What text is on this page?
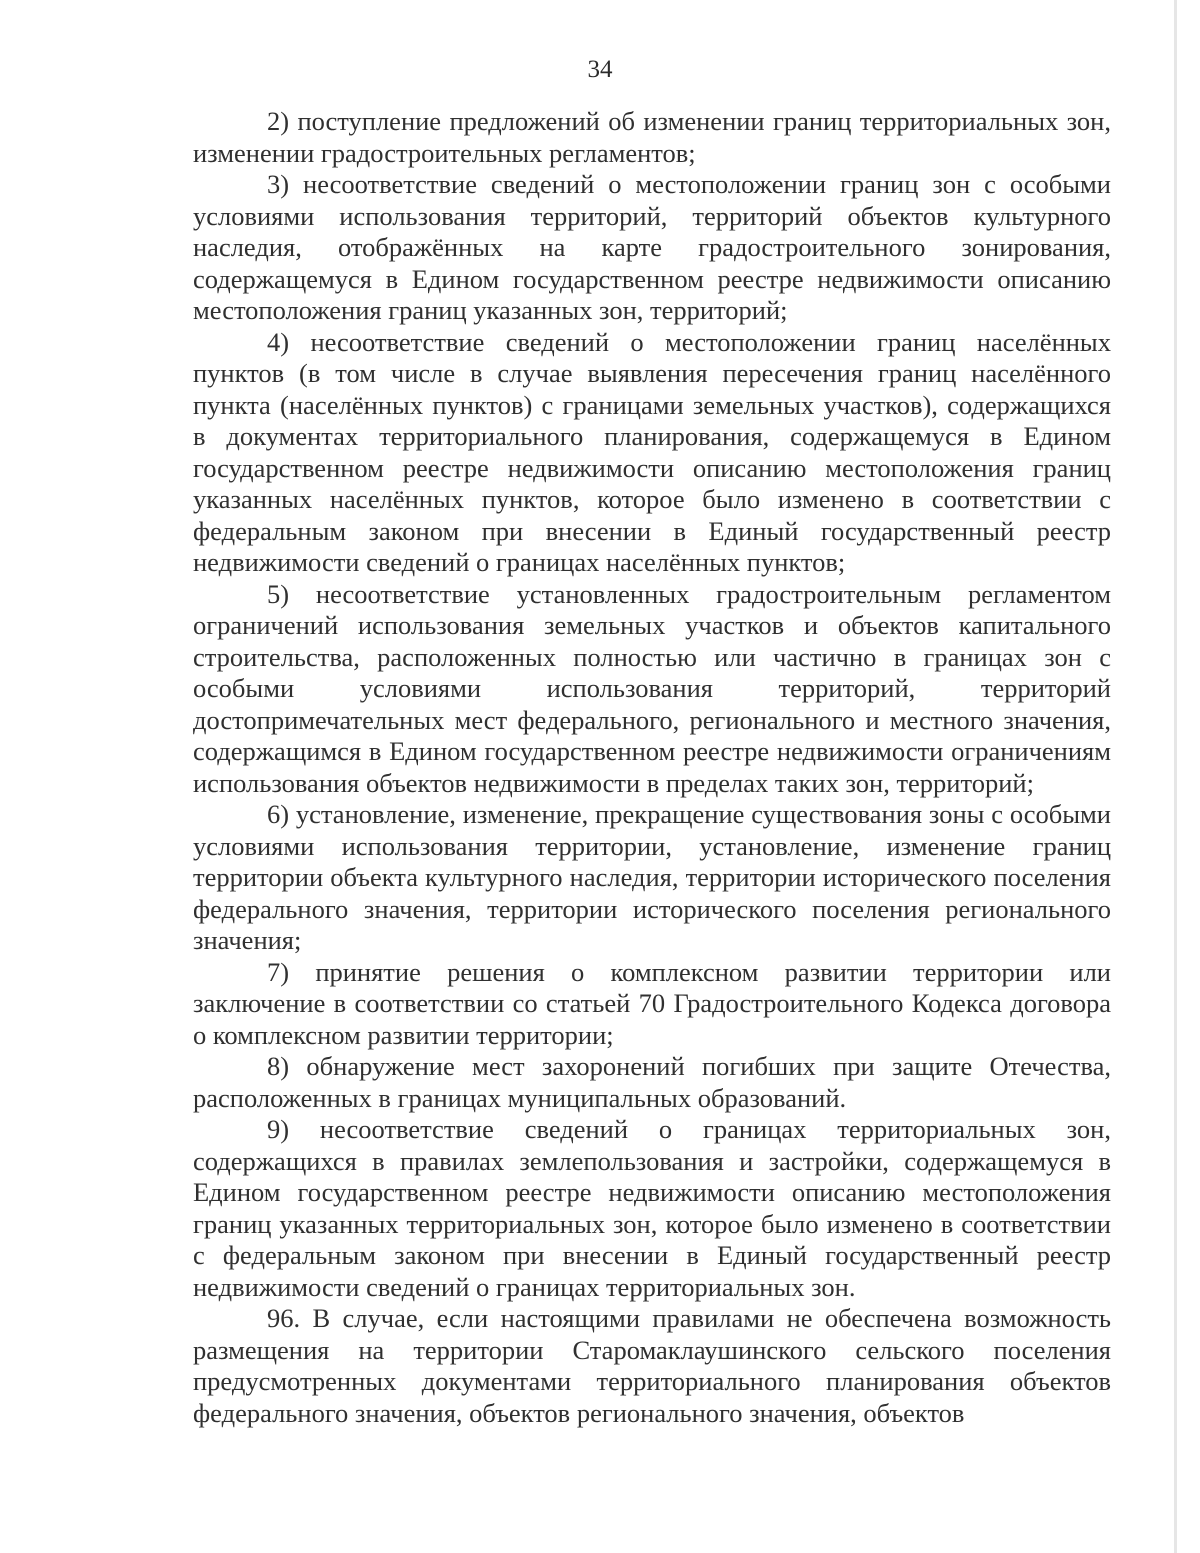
34

2) поступление предложений об изменении границ территориальных зон, изменении градостроительных регламентов;

3) несоответствие сведений о местоположении границ зон с особыми условиями использования территорий, территорий объектов культурного наследия, отображённых на карте градостроительного зонирования, содержащемуся в Едином государственном реестре недвижимости описанию местоположения границ указанных зон, территорий;

4) несоответствие сведений о местоположении границ населённых пунктов (в том числе в случае выявления пересечения границ населённого пункта (населённых пунктов) с границами земельных участков), содержащихся в документах территориального планирования, содержащемуся в Едином государственном реестре недвижимости описанию местоположения границ указанных населённых пунктов, которое было изменено в соответствии с федеральным законом при внесении в Единый государственный реестр недвижимости сведений о границах населённых пунктов;

5) несоответствие установленных градостроительным регламентом ограничений использования земельных участков и объектов капитального строительства, расположенных полностью или частично в границах зон с особыми условиями использования территорий, территорий достопримечательных мест федерального, регионального и местного значения, содержащимся в Едином государственном реестре недвижимости ограничениям использования объектов недвижимости в пределах таких зон, территорий;

6) установление, изменение, прекращение существования зоны с особыми условиями использования территории, установление, изменение границ территории объекта культурного наследия, территории исторического поселения федерального значения, территории исторического поселения регионального значения;

7) принятие решения о комплексном развитии территории или заключение в соответствии со статьей 70 Градостроительного Кодекса договора о комплексном развитии территории;

8) обнаружение мест захоронений погибших при защите Отечества, расположенных в границах муниципальных образований.

9) несоответствие сведений о границах территориальных зон, содержащихся в правилах землепользования и застройки, содержащемуся в Едином государственном реестре недвижимости описанию местоположения границ указанных территориальных зон, которое было изменено в соответствии с федеральным законом при внесении в Единый государственный реестр недвижимости сведений о границах территориальных зон.

96. В случае, если настоящими правилами не обеспечена возможность размещения на территории Старомаклаушинского сельского поселения предусмотренных документами территориального планирования объектов федерального значения, объектов регионального значения, объектов
